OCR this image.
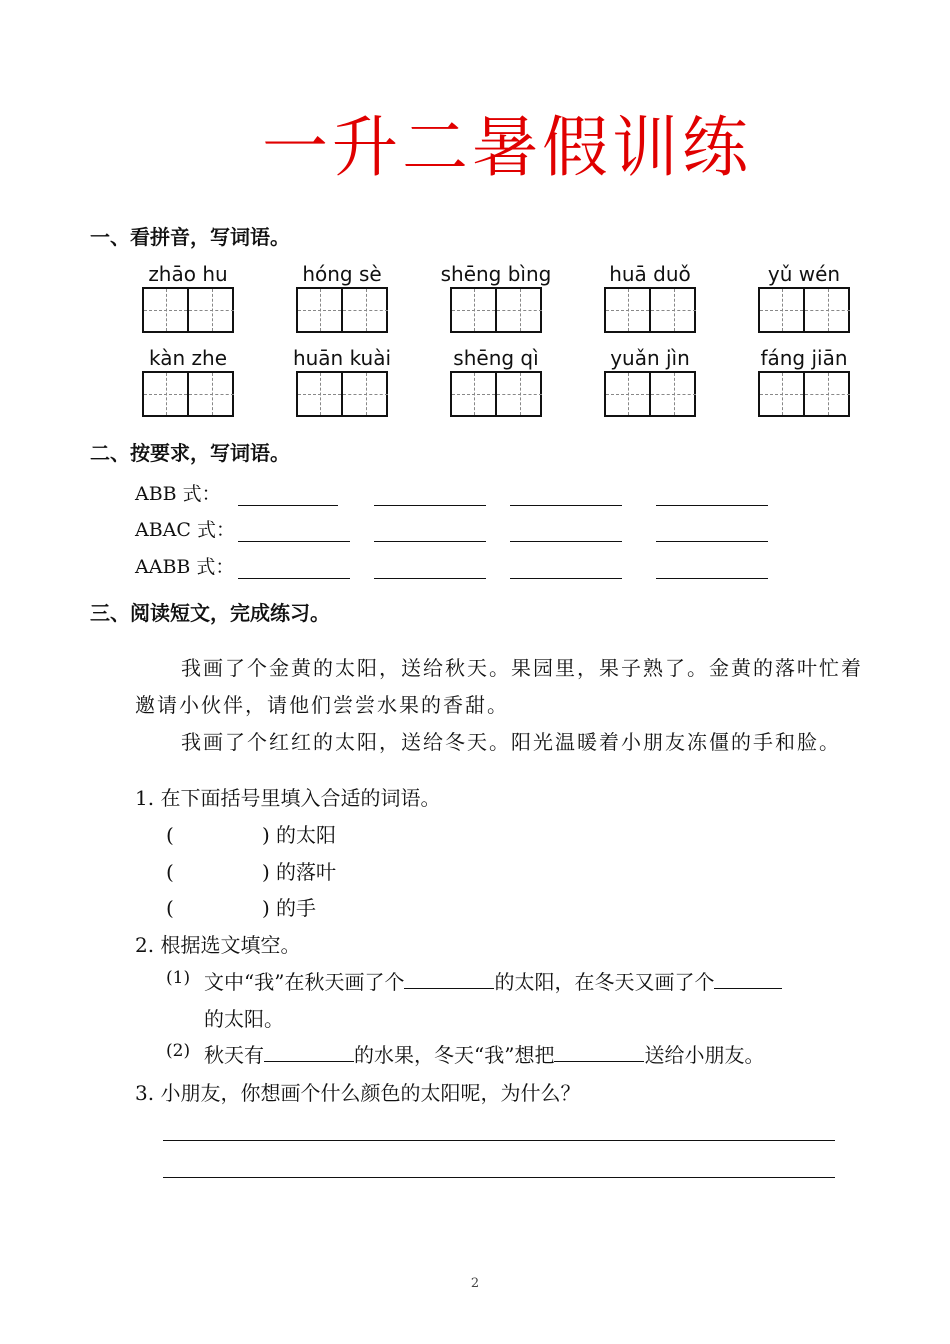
一升二暑假训练
一、看拼音，写词语。
zhāo hu	hóng sè	shēng bìng	huā duǒ	yǔ wén
kàn zhe	huān kuài	shēng qì	yuǎn jìn	fáng jiān
二、按要求，写词语。
ABB 式：
ABAC 式：
AABB 式：
三、阅读短文，完成练习。
我画了个金黄的太阳，送给秋天。果园里，果子熟了。金黄的落叶忙着
邀请小伙伴，请他们尝尝水果的香甜。
我画了个红红的太阳，送给冬天。阳光温暖着小朋友冻僵的手和脸。
1. 在下面括号里填入合适的词语。
(	) 的太阳
(	) 的落叶
(	) 的手
2. 根据选文填空。
(1) 文中“我”在秋天画了个	的太阳，在冬天又画了个
的太阳。
(2) 秋天有	的水果，冬天“我”想把	送给小朋友。
3. 小朋友，你想画个什么颜色的太阳呢，为什么？
2
